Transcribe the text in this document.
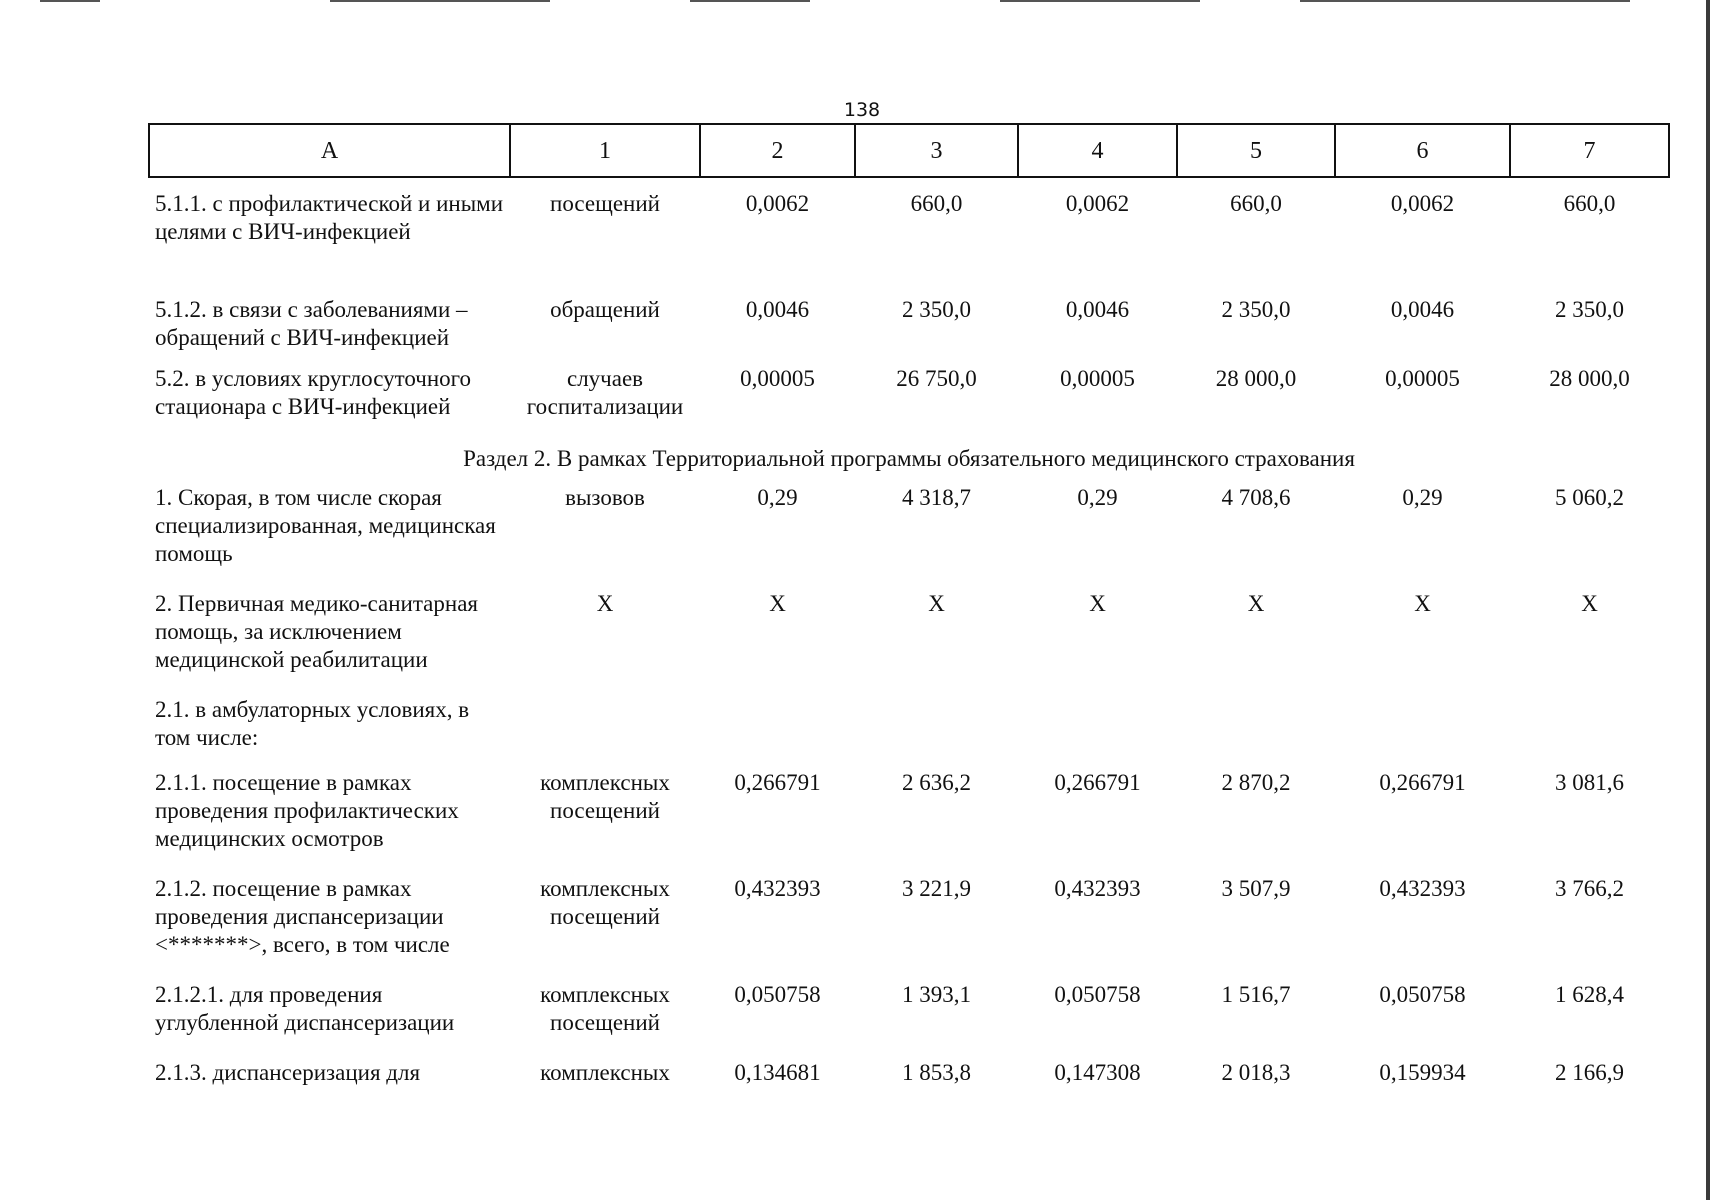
138
А	1	2	3	4	5	6	7
5.1.1. с профилактической и иными целями с ВИЧ-инфекцией	посещений	0,0062	660,0	0,0062	660,0	0,0062	660,0
5.1.2. в связи с заболеваниями – обращений с ВИЧ-инфекцией	обращений	0,0046	2 350,0	0,0046	2 350,0	0,0046	2 350,0
5.2. в условиях круглосуточного стационара с ВИЧ-инфекцией	случаев госпитализации	0,00005	26 750,0	0,00005	28 000,0	0,00005	28 000,0
Раздел 2. В рамках Территориальной программы обязательного медицинского страхования							
1. Скорая, в том числе скорая специализированная, медицинская помощь	вызовов	0,29	4 318,7	0,29	4 708,6	0,29	5 060,2
2. Первичная медико-санитарная помощь, за исключением медицинской реабилитации	Х	Х	Х	Х	Х	Х	Х
2.1. в амбулаторных условиях, в том числе:							
2.1.1. посещение в рамках проведения профилактических медицинских осмотров	комплексных посещений	0,266791	2 636,2	0,266791	2 870,2	0,266791	3 081,6
2.1.2. посещение в рамках проведения диспансеризации <*******>, всего, в том числе	комплексных посещений	0,432393	3 221,9	0,432393	3 507,9	0,432393	3 766,2
2.1.2.1. для проведения углубленной диспансеризации	комплексных посещений	0,050758	1 393,1	0,050758	1 516,7	0,050758	1 628,4
2.1.3. диспансеризация для	комплексных	0,134681	1 853,8	0,147308	2 018,3	0,159934	2 166,9
